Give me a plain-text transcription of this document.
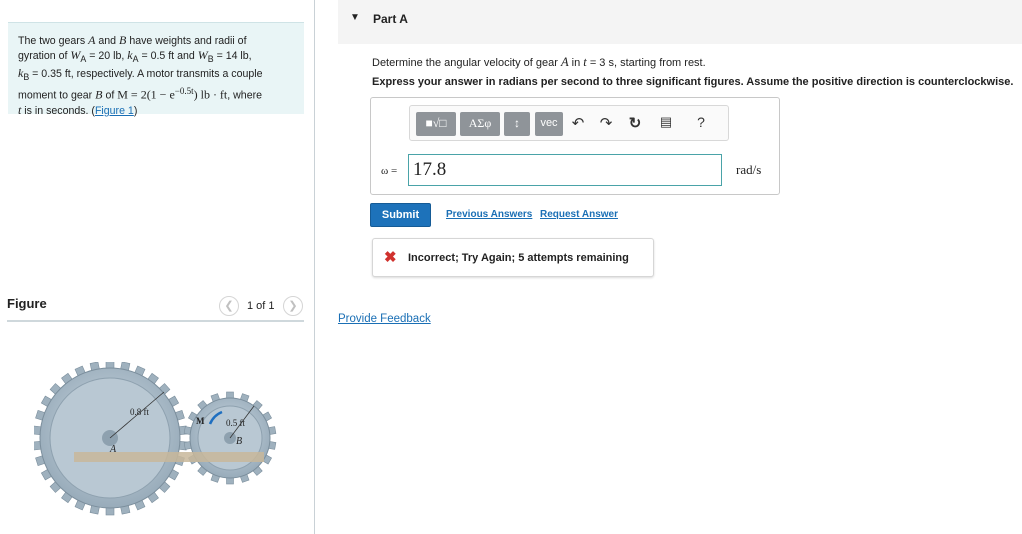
The two gears A and B have weights and radii of
gyration of $W_A = 20$ lb, $k_A = 0.5$ ft and $W_B = 14$ lb,
$k_B = 0.35$ ft, respectively. A motor transmits a couple
moment to gear B of $M = 2(1 - e^{-0.5t})$ lb · ft, where
t is in seconds. (Figure 1)
Figure	❮	1 of 1	❯
0.8 ft
0.5 ft
M
A
B
▼ Part A
Determine the angular velocity of gear A in t = 3 s, starting from rest.
Express your answer in radians per second to three significant figures. Assume the positive direction is counterclockwise.
■√□	ΑΣφ	↕	vec ↶ ↷ ↻ ▤ ?
ω =
17.8	rad/s
Submit	Previous Answers Request Answer
✖ Incorrect; Try Again; 5 attempts remaining
Provide Feedback
